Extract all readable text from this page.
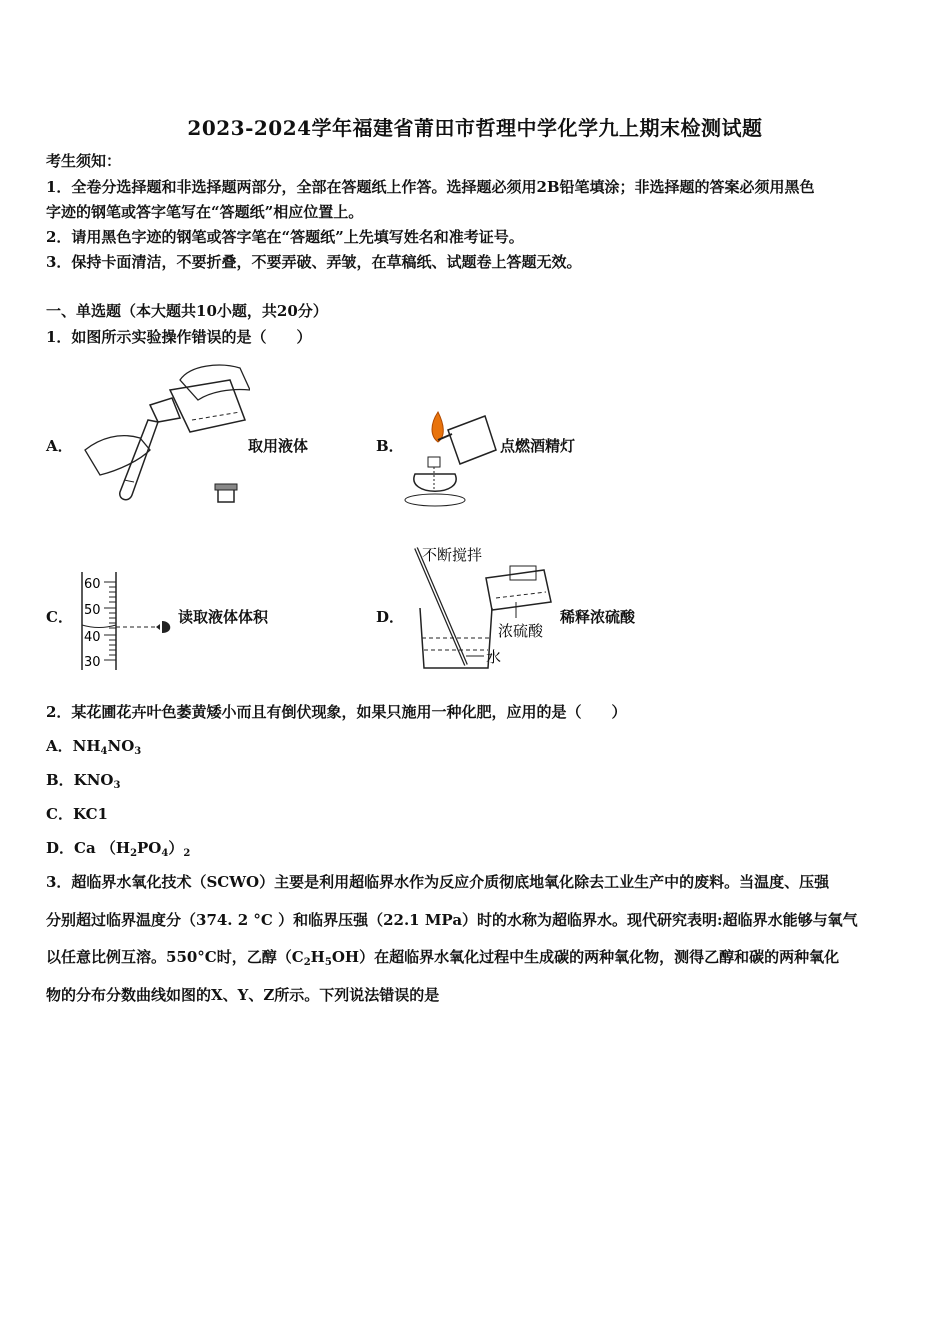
2023-2024学年福建省莆田市哲理中学化学九上期末检测试题
考生须知：
1．全卷分选择题和非选择题两部分，全部在答题纸上作答。选择题必须用2B铅笔填涂；非选择题的答案必须用黑色
字迹的钢笔或答字笔写在“答题纸”相应位置上。
2．请用黑色字迹的钢笔或答字笔在“答题纸”上先填写姓名和准考证号。
3．保持卡面清洁，不要折叠，不要弄破、弄皱，在草稿纸、试题卷上答题无效。
一、单选题（本大题共10小题，共20分）
1．如图所示实验操作错误的是（　　）
A．	取用液体	B．	点燃酒精灯
C．
60
50
40
30
读取液体体积	D．
不断搅拌
浓硫酸
水
稀释浓硫酸
2．某花圃花卉叶色萎黄矮小而且有倒伏现象，如果只施用一种化肥，应用的是（　　）
A．$NH_4NO_3$
B．$KNO_3$
C．KC1
D．Ca $(H_2PO_4)_2$
3．超临界水氧化技术（SCWO）主要是利用超临界水作为反应介质彻底地氧化除去工业生产中的废料。当温度、压强
分别超过临界温度分（374. 2 °C ）和临界压强（22.1 MPa）时的水称为超临界水。现代研究表明:超临界水能够与氧气
以任意比例互溶。550°C时，乙醇$(C_2H_5OH)$在超临界水氧化过程中生成碳的两种氧化物，测得乙醇和碳的两种氧化
物的分布分数曲线如图的X、Y、Z所示。下列说法错误的是
